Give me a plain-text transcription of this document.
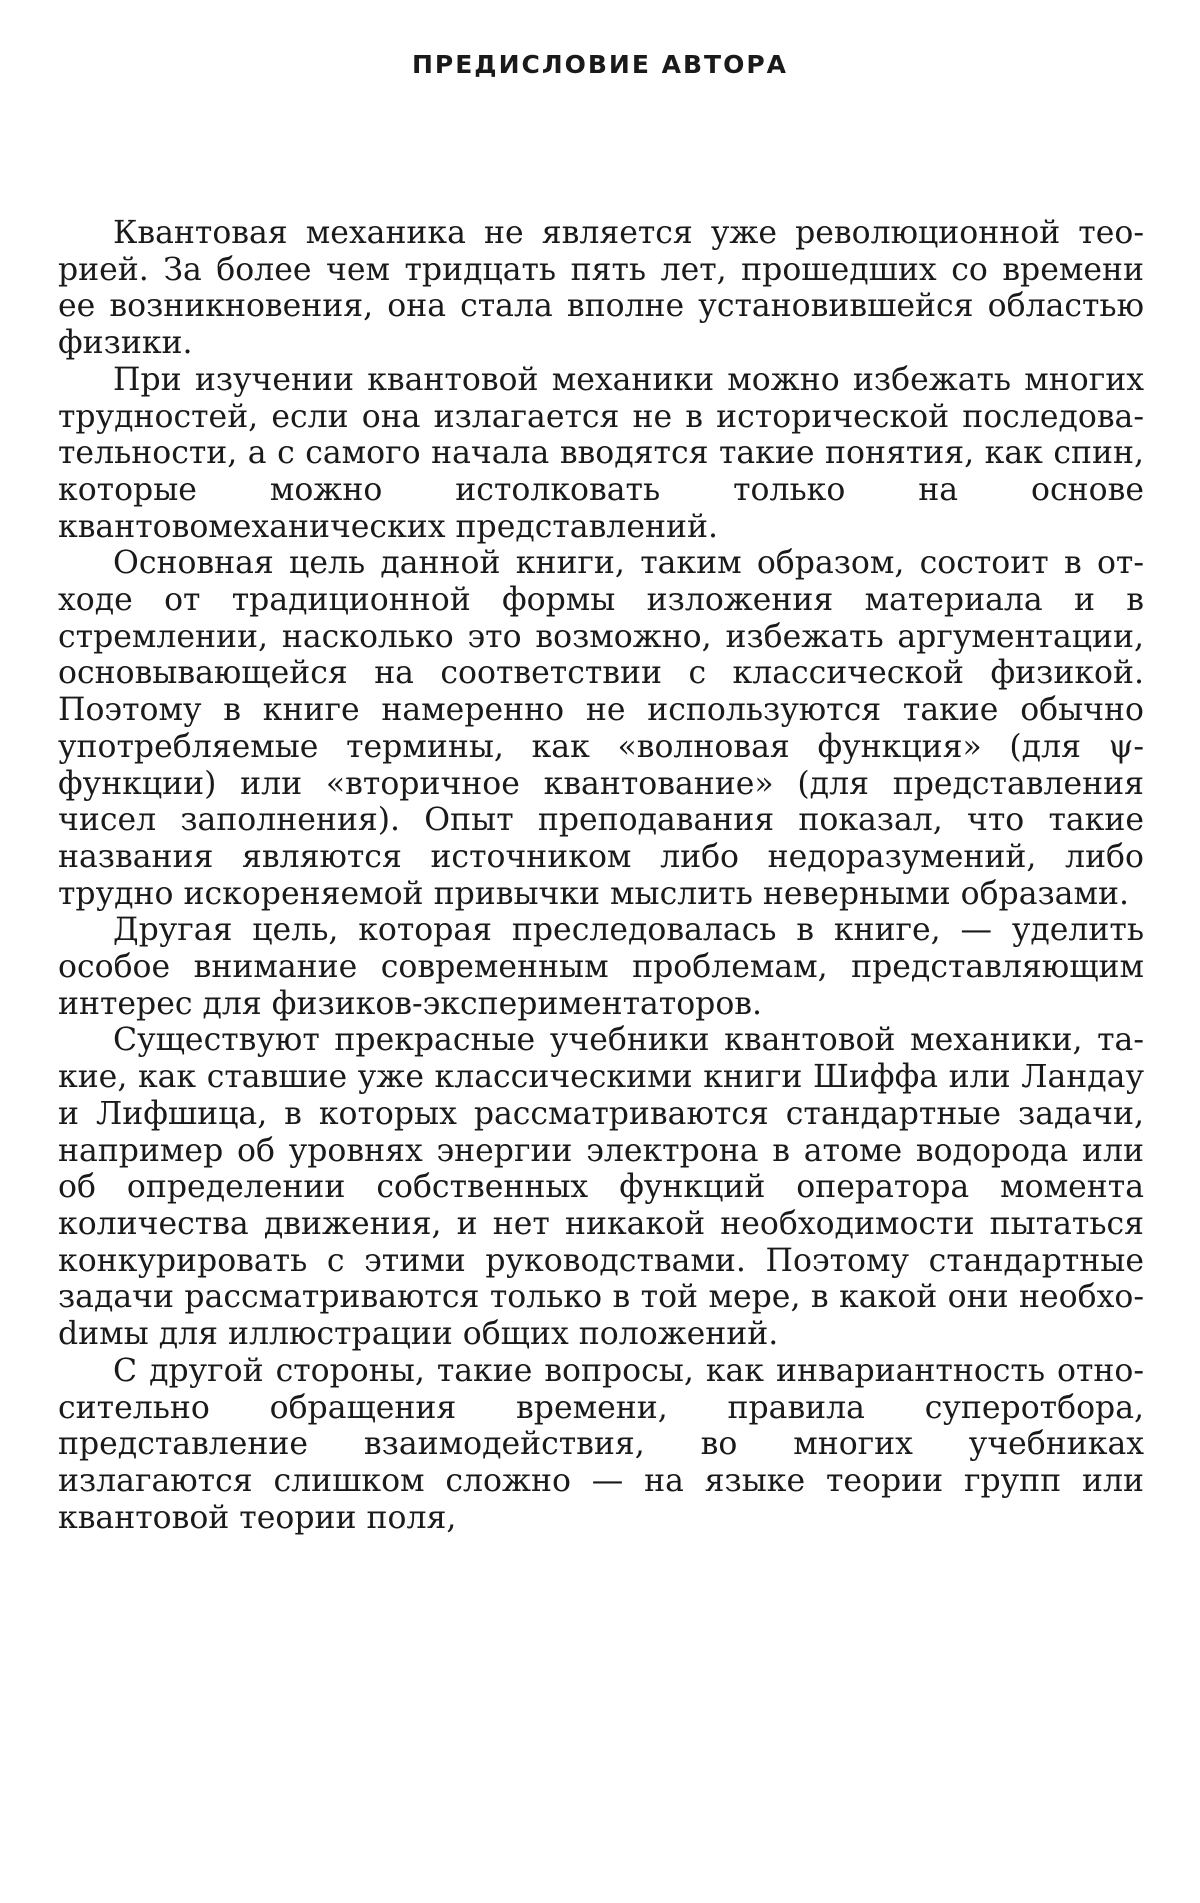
ПРЕДИСЛОВИЕ АВТОРА

Квантовая механика не является уже революционной теорией. За более чем тридцать пять лет, прошедших со времени ее возникновения, она стала вполне установившейся областью физики.

При изучении квантовой механики можно избежать многих трудностей, если она излагается не в исторической последовательности, а с самого начала вводятся такие понятия, как спин, которые можно истолковать только на основе квантовомеханических представлений.

Основная цель данной книги, таким образом, состоит в отходе от традиционной формы изложения материала и в стремлении, насколько это возможно, избежать аргументации, основывающейся на соответствии с классической физикой. Поэтому в книге намеренно не используются такие обычно употребляемые термины, как «волновая функция» (для ψ-функции) или «вторичное квантование» (для представления чисел заполнения). Опыт преподавания показал, что такие названия являются источником либо недоразумений, либо трудно искореняемой привычки мыслить неверными образами.

Другая цель, которая преследовалась в книге, — уделить особое внимание современным проблемам, представляющим интерес для физиков-экспериментаторов.

Существуют прекрасные учебники квантовой механики, такие, как ставшие уже классическими книги Шиффа или Ландау и Лифшица, в которых рассматриваются стандартные задачи, например об уровнях энергии электрона в атоме водорода или об определении собственных функций оператора момента количества движения, и нет никакой необходимости пытаться конкурировать с этими руководствами. Поэтому стандартные задачи рассматриваются только в той мере, в какой они необхоdимы для иллюстрации общих положений.

С другой стороны, такие вопросы, как инвариантность относительно обращения времени, правила суперотбора, представление взаимодействия, во многих учебниках излагаются слишком сложно — на языке теории групп или квантовой теории поля,
